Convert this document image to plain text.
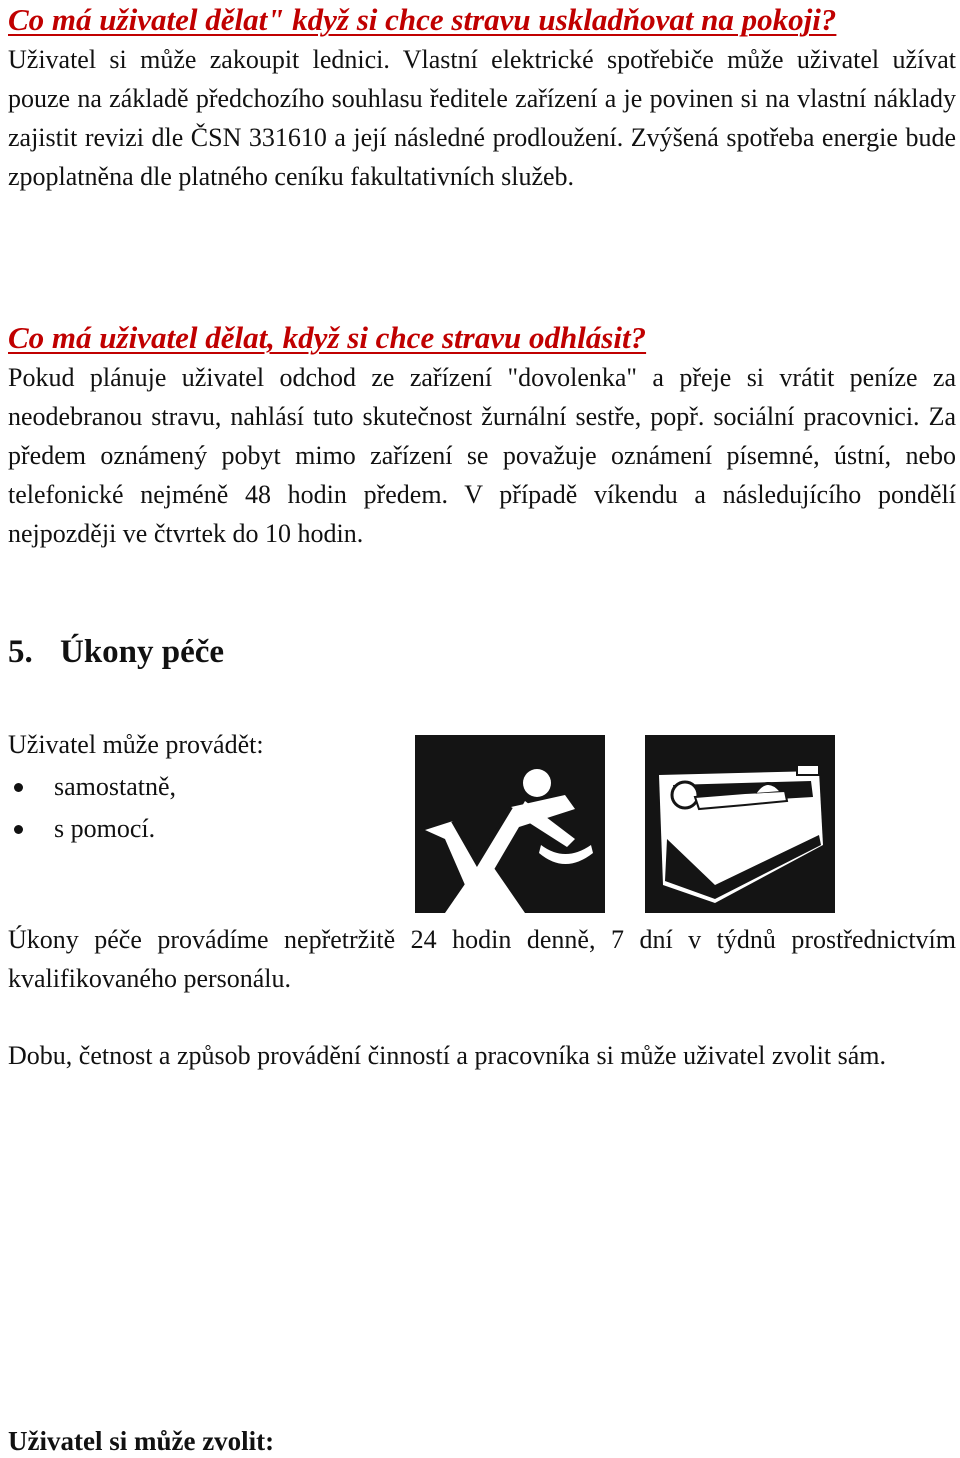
Co má uživatel dělat" když si chce stravu uskladňovat na pokoji?

Uživatel si může zakoupit lednici. Vlastní elektrické spotřebiče může uživatel užívat pouze na základě předchozího souhlasu ředitele zařízení a je povinen si na vlastní náklady zajistit revizi dle ČSN 331610 a její následné prodloužení. Zvýšená spotřeba energie bude zpoplatněna dle platného ceníku fakultativních služeb.

Co má uživatel dělat, když si chce stravu odhlásit?

Pokud plánuje uživatel odchod ze zařízení "dovolenka" a přeje si vrátit peníze za neodebranou stravu, nahlásí tuto skutečnost žurnální sestře, popř. sociální pracovnici. Za předem oznámený pobyt mimo zařízení se považuje oznámení písemné, ústní, nebo telefonické nejméně 48 hodin předem. V případě víkendu a následujícího pondělí nejpozději ve čtvrtek do 10 hodin.

5. Úkony péče

Uživatel může provádět:

samostatně,
s pomocí.

Úkony péče provádíme nepřetržitě 24 hodin denně, 7 dní v týdnů prostřednictvím kvalifikovaného personálu.

Dobu, četnost a způsob provádění činností a pracovníka si může uživatel zvolit sám.

Uživatel si může zvolit:
